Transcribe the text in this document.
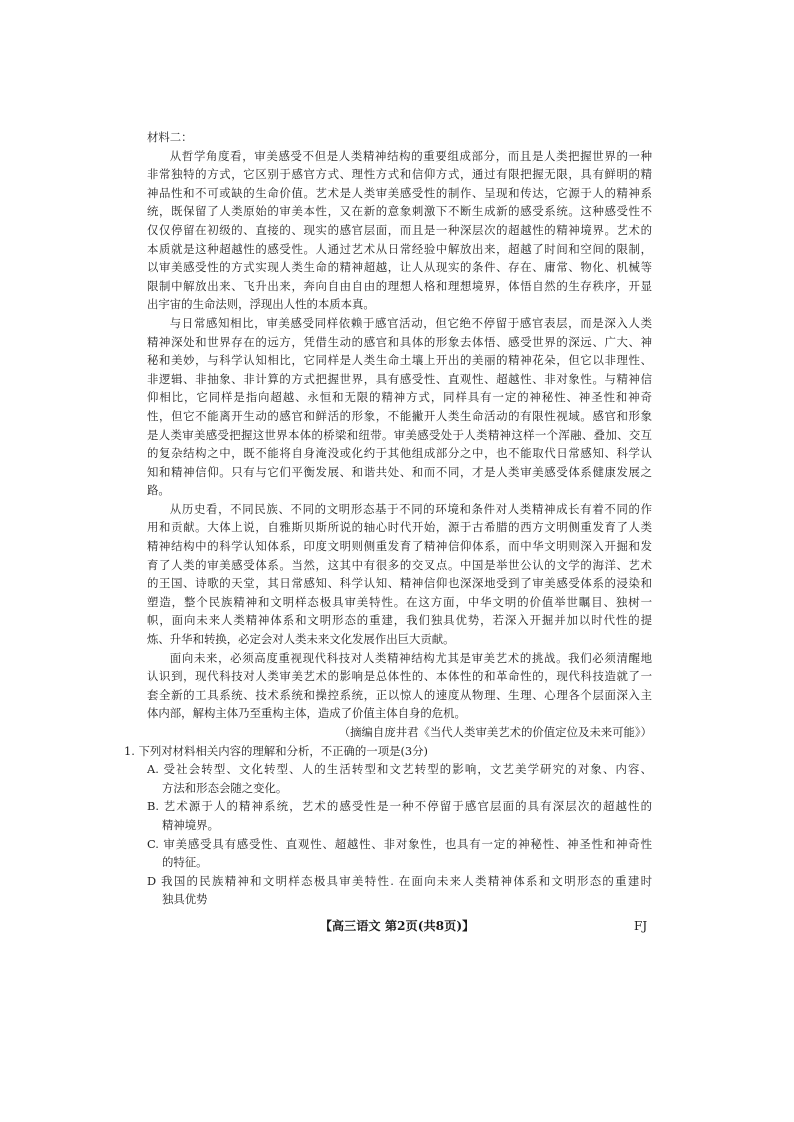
材料二：
从哲学角度看，审美感受不但是人类精神结构的重要组成部分，而且是人类把握世界的一种
非常独特的方式，它区别于感官方式、理性方式和信仰方式，通过有限把握无限，具有鲜明的精
神品性和不可或缺的生命价值。艺术是人类审美感受性的制作、呈现和传达，它源于人的精神系
统，既保留了人类原始的审美本性，又在新的意象刺激下不断生成新的感受系统。这种感受性不
仅仅停留在初级的、直接的、现实的感官层面，而且是一种深层次的超越性的精神境界。艺术的
本质就是这种超越性的感受性。人通过艺术从日常经验中解放出来，超越了时间和空间的限制，
以审美感受性的方式实现人类生命的精神超越，让人从现实的条件、存在、庸常、物化、机械等
限制中解放出来、飞升出来，奔向自由自由的理想人格和理想境界，体悟自然的生存秩序，开显
出宇宙的生命法则，浮现出人性的本质本真。
与日常感知相比，审美感受同样依赖于感官活动，但它绝不停留于感官表层，而是深入人类
精神深处和世界存在的远方，凭借生动的感官和具体的形象去体悟、感受世界的深远、广大、神
秘和美妙，与科学认知相比，它同样是人类生命土壤上开出的美丽的精神花朵，但它以非理性、
非逻辑、非抽象、非计算的方式把握世界，具有感受性、直观性、超越性、非对象性。与精神信
仰相比，它同样是指向超越、永恒和无限的精神方式，同样具有一定的神秘性、神圣性和神奇
性，但它不能离开生动的感官和鲜活的形象，不能撇开人类生命活动的有限性视域。感官和形象
是人类审美感受把握这世界本体的桥梁和纽带。审美感受处于人类精神这样一个浑融、叠加、交互
的复杂结构之中，既不能将自身淹没或化约于其他组成部分之中，也不能取代日常感知、科学认
知和精神信仰。只有与它们平衡发展、和谐共处、和而不同，才是人类审美感受体系健康发展之
路。
从历史看，不同民族、不同的文明形态基于不同的环境和条件对人类精神成长有着不同的作
用和贡献。大体上说，自雅斯贝斯所说的轴心时代开始，源于古希腊的西方文明侧重发育了人类
精神结构中的科学认知体系，印度文明则侧重发育了精神信仰体系，而中华文明则深入开掘和发
育了人类的审美感受体系。当然，这其中有很多的交叉点。中国是举世公认的文学的海洋、艺术
的王国、诗歌的天堂，其日常感知、科学认知、精神信仰也深深地受到了审美感受体系的浸染和
塑造，整个民族精神和文明样态极具审美特性。在这方面，中华文明的价值举世瞩目、独树一
帜，面向未来人类精神体系和文明形态的重建，我们独具优势，若深入开掘并加以时代性的提
炼、升华和转换，必定会对人类未来文化发展作出巨大贡献。
面向未来，必须高度重视现代科技对人类精神结构尤其是审美艺术的挑战。我们必须清醒地
认识到，现代科技对人类审美艺术的影响是总体性的、本体性的和革命性的，现代科技造就了一
套全新的工具系统、技术系统和操控系统，正以惊人的速度从物理、生理、心理各个层面深入主
体内部，解构主体乃至重构主体，造成了价值主体自身的危机。
（摘编自庞井君《当代人类审美艺术的价值定位及未来可能》）
1. 下列对材料相关内容的理解和分析，不正确的一项是(3分)
A. 受社会转型、文化转型、人的生活转型和文艺转型的影响，文艺美学研究的对象、内容、
方法和形态会随之变化。
B. 艺术源于人的精神系统，艺术的感受性是一种不停留于感官层面的具有深层次的超越性的
精神境界。
C. 审美感受具有感受性、直观性、超越性、非对象性，也具有一定的神秘性、神圣性和神奇性
的特征。
D 我国的民族精神和文明样态极具审美特性. 在面向未来人类精神体系和文明形态的重建时
独具优势
【高三语文 第2页(共8页)】	FJ
